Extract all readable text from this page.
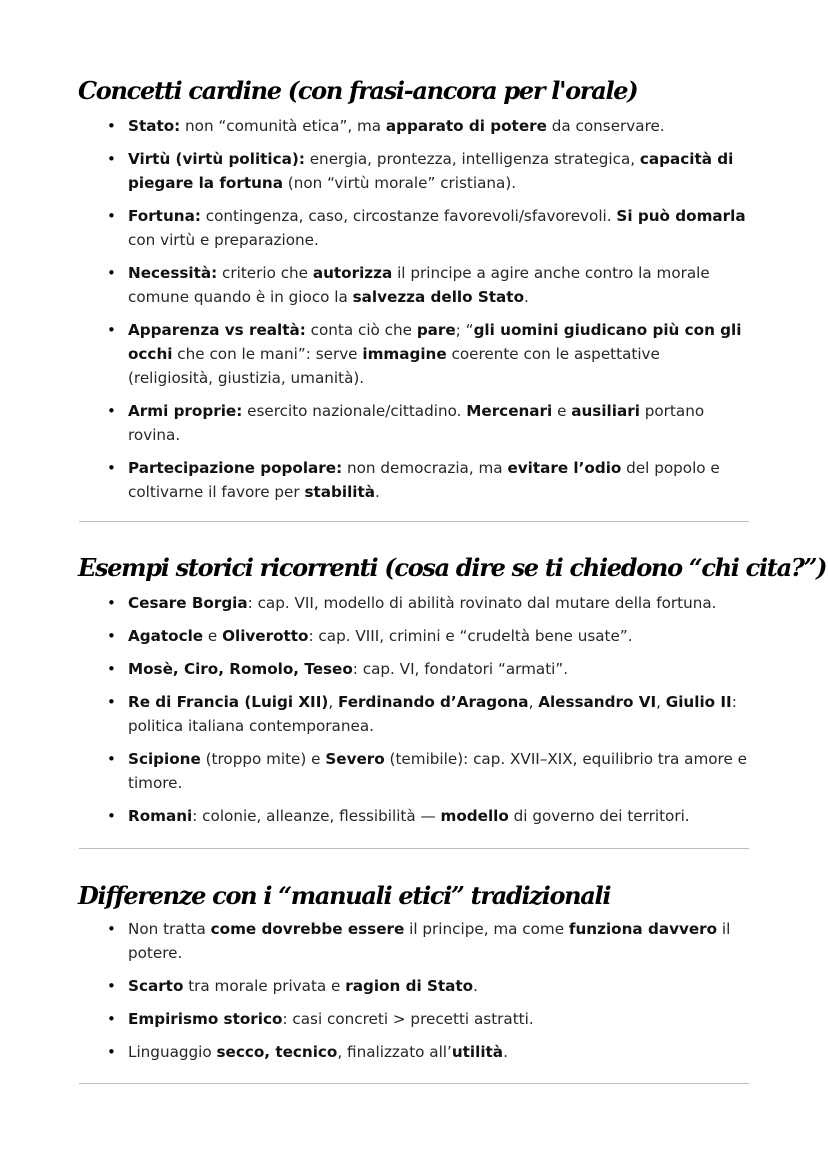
Concetti cardine (con frasi-ancora per l'orale)
• Stato: non “comunità etica”, ma apparato di potere da conservare.
• Virtù (virtù politica): energia, prontezza, intelligenza strategica, capacità di piegare la fortuna (non “virtù morale” cristiana).
• Fortuna: contingenza, caso, circostanze favorevoli/sfavorevoli. Si può domarla con virtù e preparazione.
• Necessità: criterio che autorizza il principe a agire anche contro la morale comune quando è in gioco la salvezza dello Stato.
• Apparenza vs realtà: conta ciò che pare; “gli uomini giudicano più con gli occhi che con le mani”: serve immagine coerente con le aspettative (religiosità, giustizia, umanità).
• Armi proprie: esercito nazionale/cittadino. Mercenari e ausiliari portano rovina.
• Partecipazione popolare: non democrazia, ma evitare l’odio del popolo e coltivarne il favore per stabilità.
Esempi storici ricorrenti (cosa dire se ti chiedono “chi cita?”)
• Cesare Borgia: cap. VII, modello di abilità rovinato dal mutare della fortuna.
• Agatocle e Oliverotto: cap. VIII, crimini e “crudeltà bene usate”.
• Mosè, Ciro, Romolo, Teseo: cap. VI, fondatori “armati”.
• Re di Francia (Luigi XII), Ferdinando d’Aragona, Alessandro VI, Giulio II: politica italiana contemporanea.
• Scipione (troppo mite) e Severo (temibile): cap. XVII–XIX, equilibrio tra amore e timore.
• Romani: colonie, alleanze, flessibilità — modello di governo dei territori.
Differenze con i “manuali etici” tradizionali
• Non tratta come dovrebbe essere il principe, ma come funziona davvero il potere.
• Scarto tra morale privata e ragion di Stato.
• Empirismo storico: casi concreti > precetti astratti.
• Linguaggio secco, tecnico, finalizzato all’utilità.
